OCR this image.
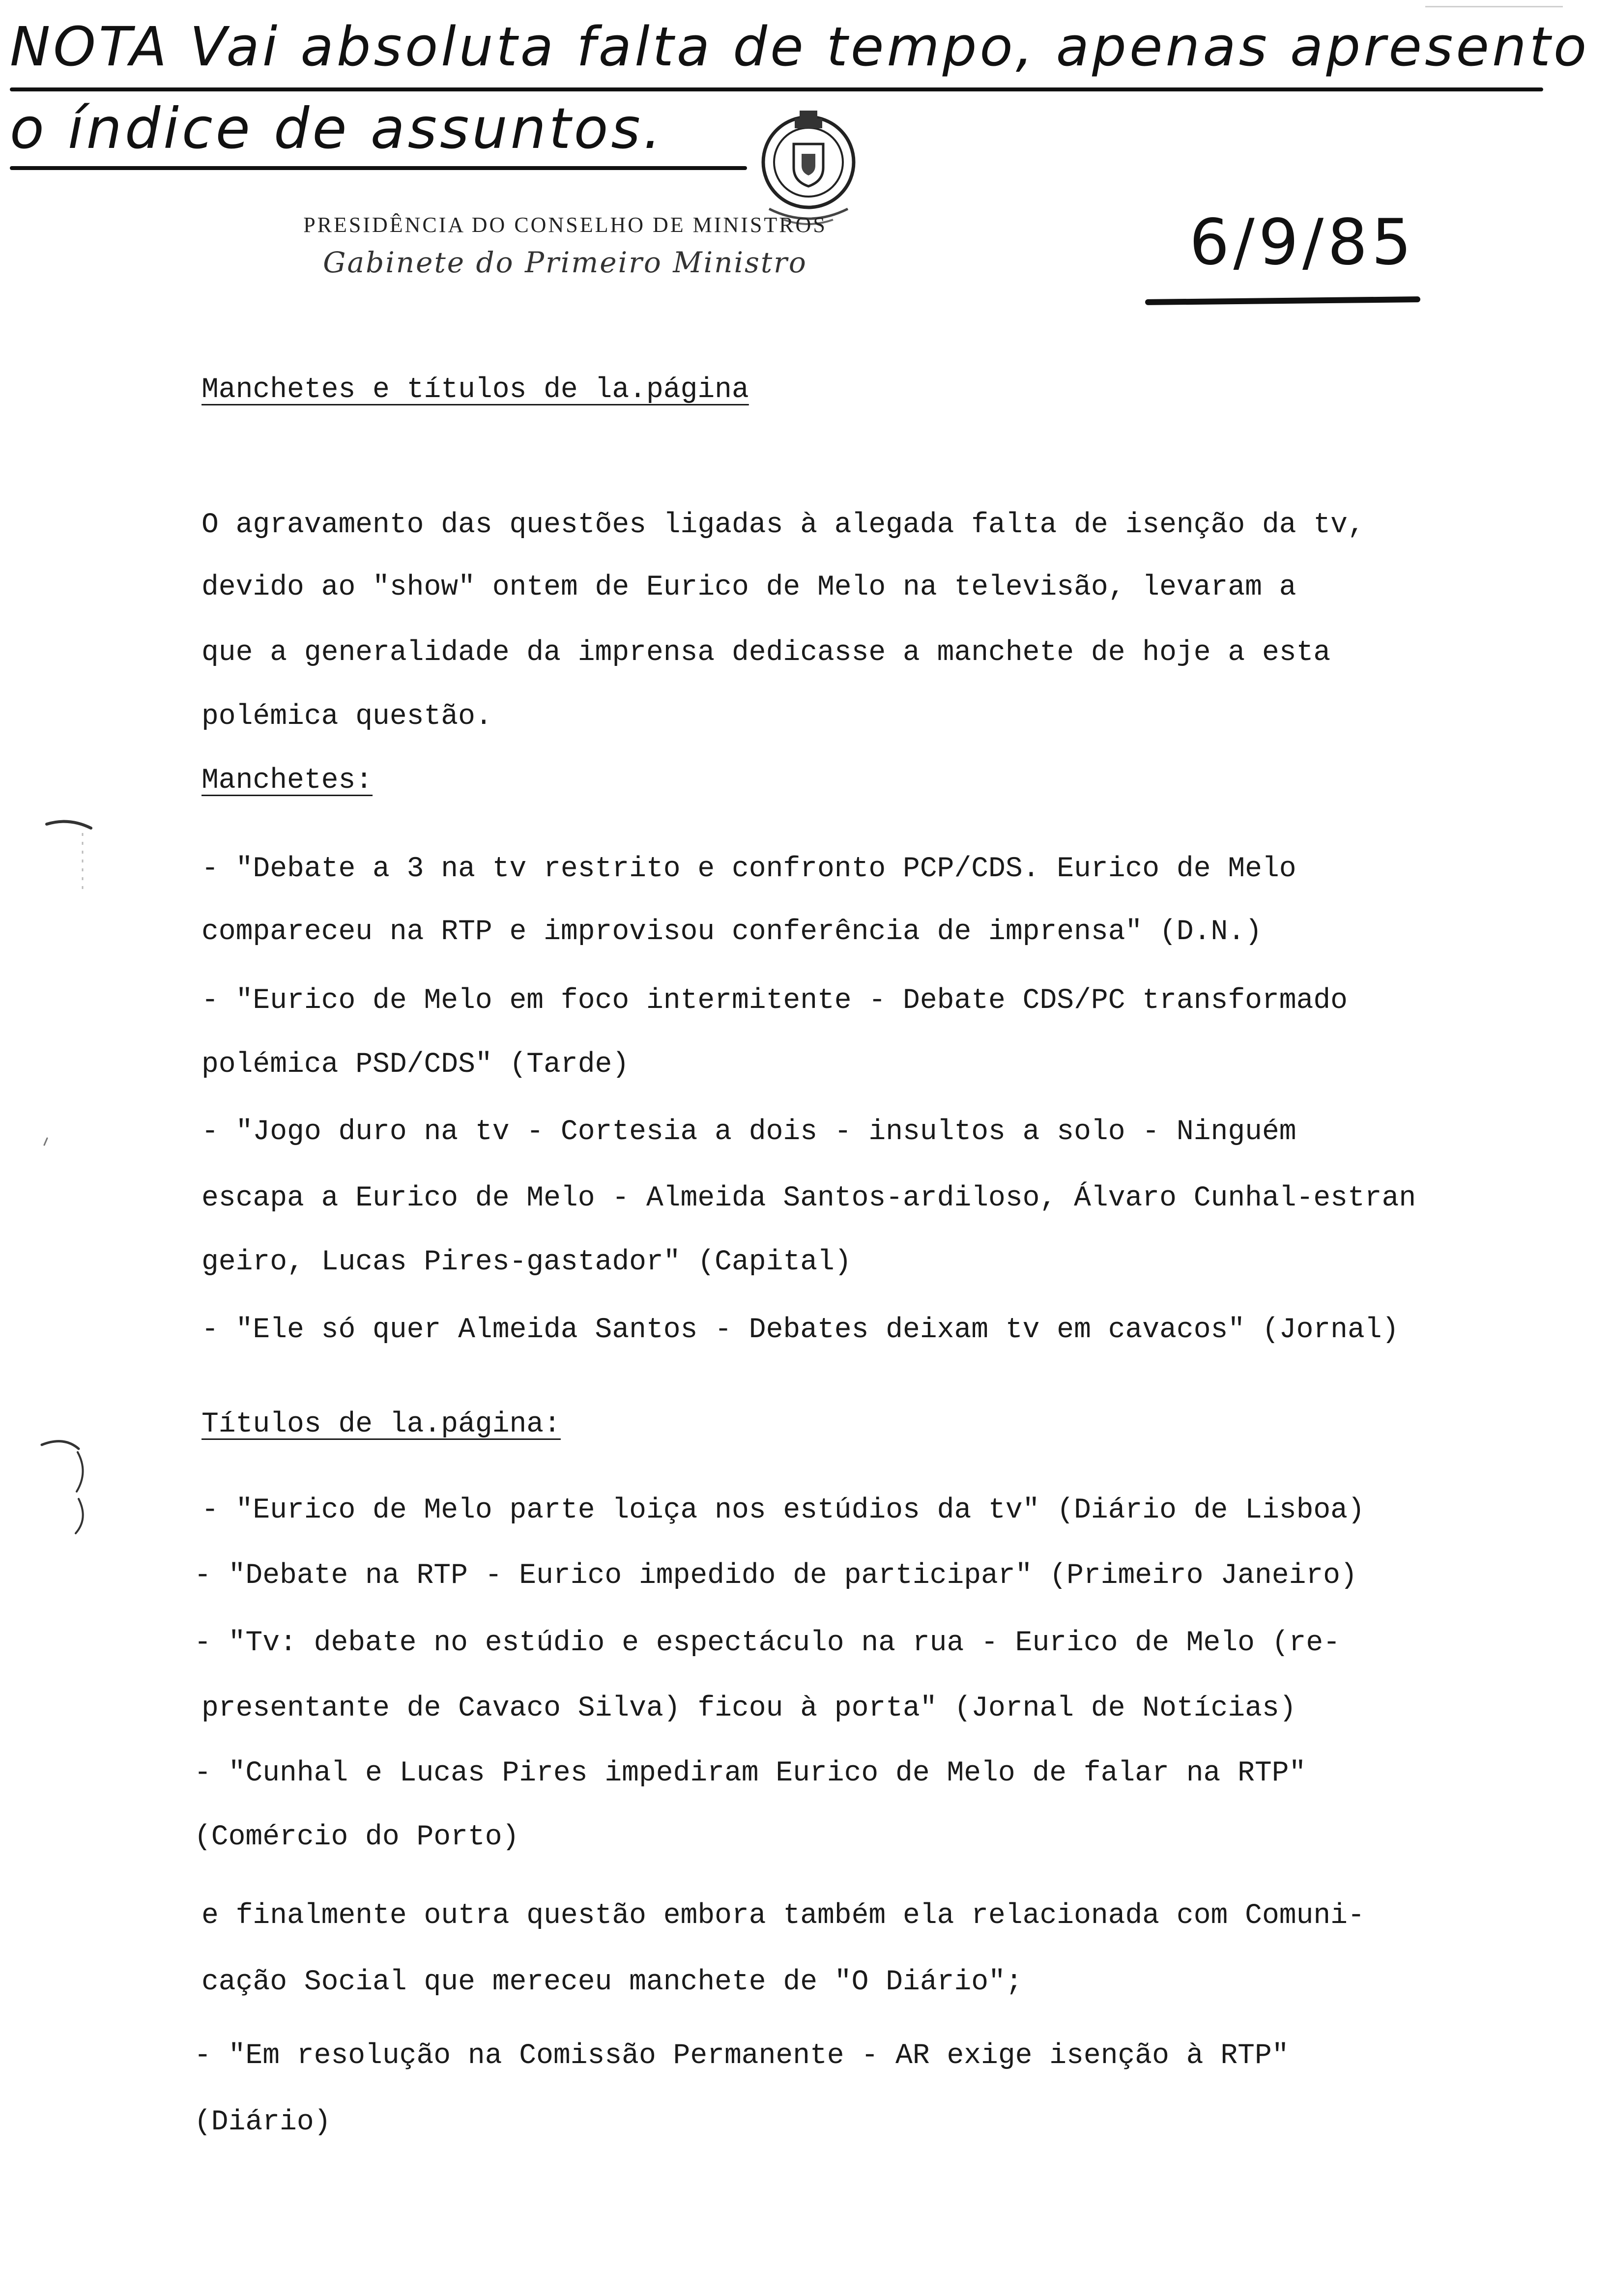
NOTA Vai absoluta falta de tempo, apenas apresento
o índice de assuntos.
PRESIDÊNCIA DO CONSELHO DE MINISTROS
Gabinete do Primeiro Ministro	6/9/85
Manchetes e títulos de la.página
O agravamento das questões ligadas à alegada falta de isenção da tv,
devido ao "show" ontem de Eurico de Melo na televisão, levaram a
que a generalidade da imprensa dedicasse a manchete de hoje a esta
polémica questão.
Manchetes:
- "Debate a 3 na tv restrito e confronto PCP/CDS. Eurico de Melo
compareceu na RTP e improvisou conferência de imprensa" (D.N.)
- "Eurico de Melo em foco intermitente - Debate CDS/PC transformado
polémica PSD/CDS" (Tarde)
- "Jogo duro na tv - Cortesia a dois - insultos a solo - Ninguém
escapa a Eurico de Melo - Almeida Santos-ardiloso, Álvaro Cunhal-estran
geiro, Lucas Pires-gastador" (Capital)
- "Ele só quer Almeida Santos - Debates deixam tv em cavacos" (Jornal)
Títulos de la.página:
- "Eurico de Melo parte loiça nos estúdios da tv" (Diário de Lisboa)
- "Debate na RTP - Eurico impedido de participar" (Primeiro Janeiro)
- "Tv: debate no estúdio e espectáculo na rua - Eurico de Melo (re-
presentante de Cavaco Silva) ficou à porta" (Jornal de Notícias)
- "Cunhal e Lucas Pires impediram Eurico de Melo de falar na RTP"
(Comércio do Porto)
e finalmente outra questão embora também ela relacionada com Comuni-
cação Social que mereceu manchete de "O Diário";
- "Em resolução na Comissão Permanente - AR exige isenção à RTP"
(Diário)
